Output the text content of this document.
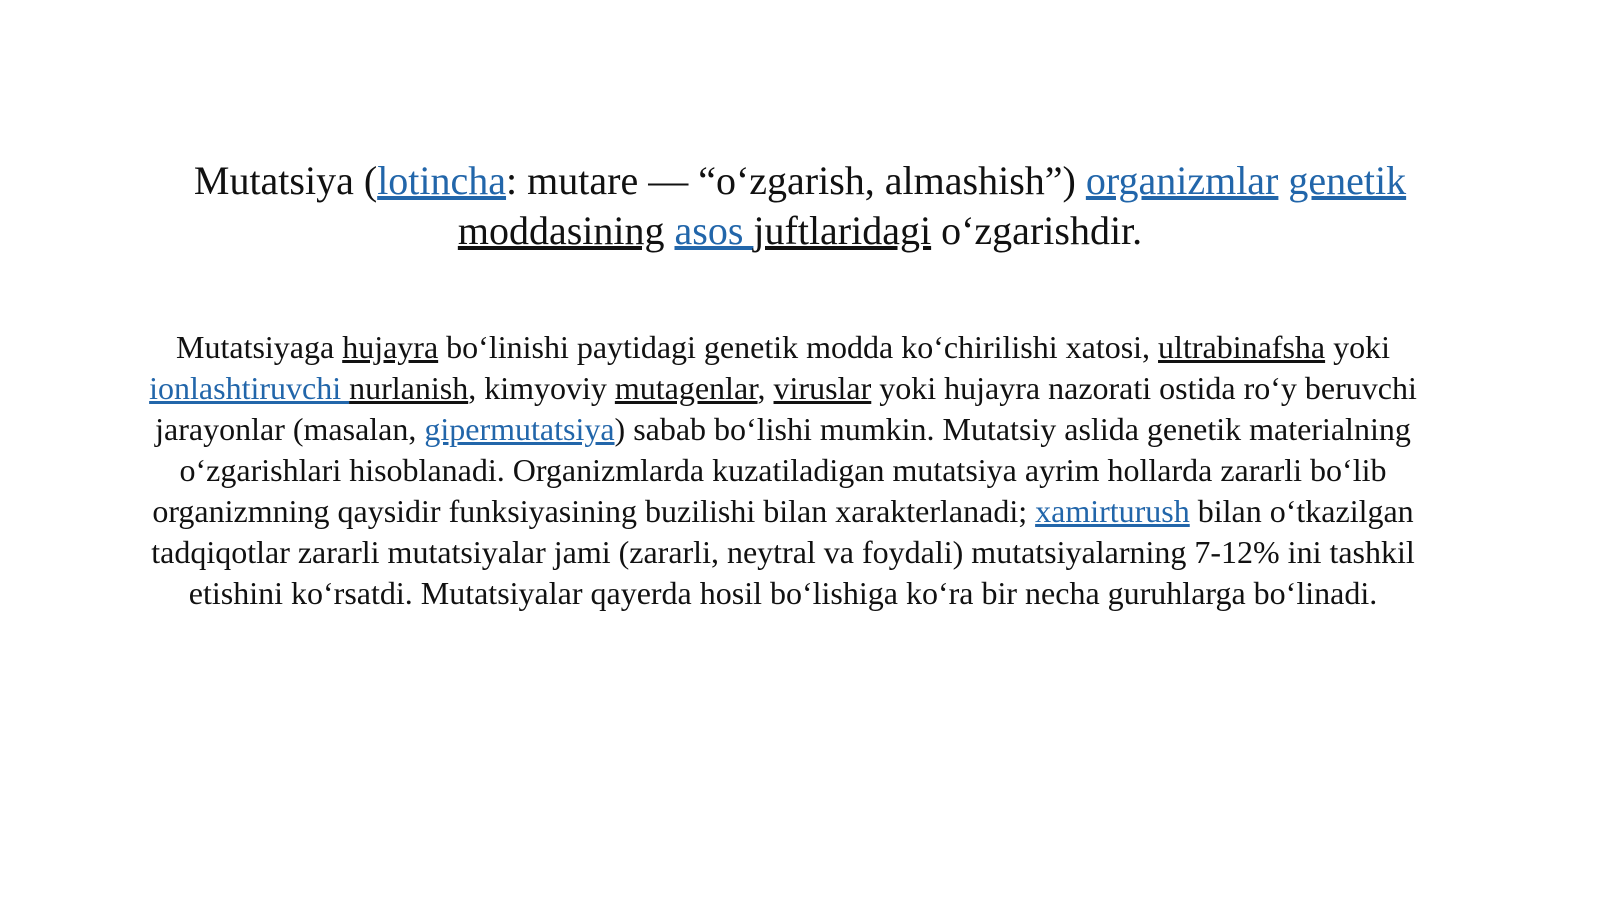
Mutatsiya (lotincha: mutare — “o‘zgarish, almashish”) organizmlar genetik
moddasining asos juftlaridagi o‘zgarishdir.

Mutatsiyaga hujayra bo‘linishi paytidagi genetik modda ko‘chirilishi xatosi, ultrabinafsha yoki ionlashtiruvchi nurlanish, kimyoviy mutagenlar, viruslar yoki hujayra nazorati ostida ro‘y beruvchi jarayonlar (masalan, gipermutatsiya) sabab bo‘lishi mumkin. Mutatsiy aslida genetik materialning o‘zgarishlari hisoblanadi. Organizmlarda kuzatiladigan mutatsiya ayrim hollarda zararli bo‘lib organizmning qaysidir funksiyasining buzilishi bilan xarakterlanadi; xamirturush bilan o‘tkazilgan tadqiqotlar zararli mutatsiyalar jami (zararli, neytral va foydali) mutatsiyalarning 7-12% ini tashkil etishini ko‘rsatdi. Mutatsiyalar qayerda hosil bo‘lishiga ko‘ra bir necha guruhlarga bo‘linadi.
